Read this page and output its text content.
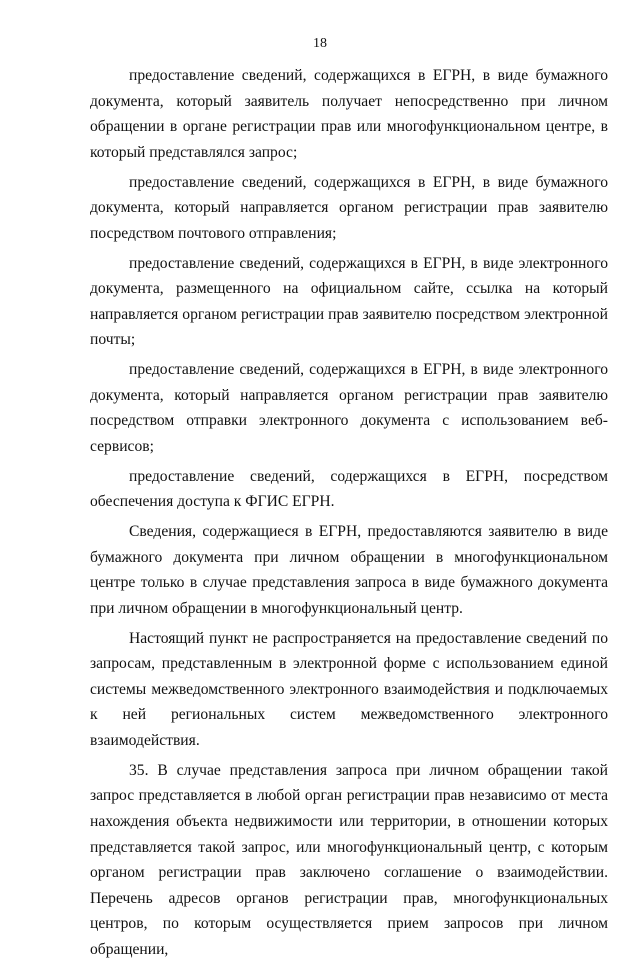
18

предоставление сведений, содержащихся в ЕГРН, в виде бумажного документа, который заявитель получает непосредственно при личном обращении в органе регистрации прав или многофункциональном центре, в который представлялся запрос;

предоставление сведений, содержащихся в ЕГРН, в виде бумажного документа, который направляется органом регистрации прав заявителю посредством почтового отправления;

предоставление сведений, содержащихся в ЕГРН, в виде электронного документа, размещенного на официальном сайте, ссылка на который направляется органом регистрации прав заявителю посредством электронной почты;

предоставление сведений, содержащихся в ЕГРН, в виде электронного документа, который направляется органом регистрации прав заявителю посредством отправки электронного документа с использованием веб-сервисов;

предоставление сведений, содержащихся в ЕГРН, посредством обеспечения доступа к ФГИС ЕГРН.

Сведения, содержащиеся в ЕГРН, предоставляются заявителю в виде бумажного документа при личном обращении в многофункциональном центре только в случае представления запроса в виде бумажного документа при личном обращении в многофункциональный центр.

Настоящий пункт не распространяется на предоставление сведений по запросам, представленным в электронной форме с использованием единой системы межведомственного электронного взаимодействия и подключаемых к ней региональных систем межведомственного электронного взаимодействия.

35. В случае представления запроса при личном обращении такой запрос представляется в любой орган регистрации прав независимо от места нахождения объекта недвижимости или территории, в отношении которых представляется такой запрос, или многофункциональный центр, с которым органом регистрации прав заключено соглашение о взаимодействии. Перечень адресов органов регистрации прав, многофункциональных центров, по которым осуществляется прием запросов при личном обращении,
